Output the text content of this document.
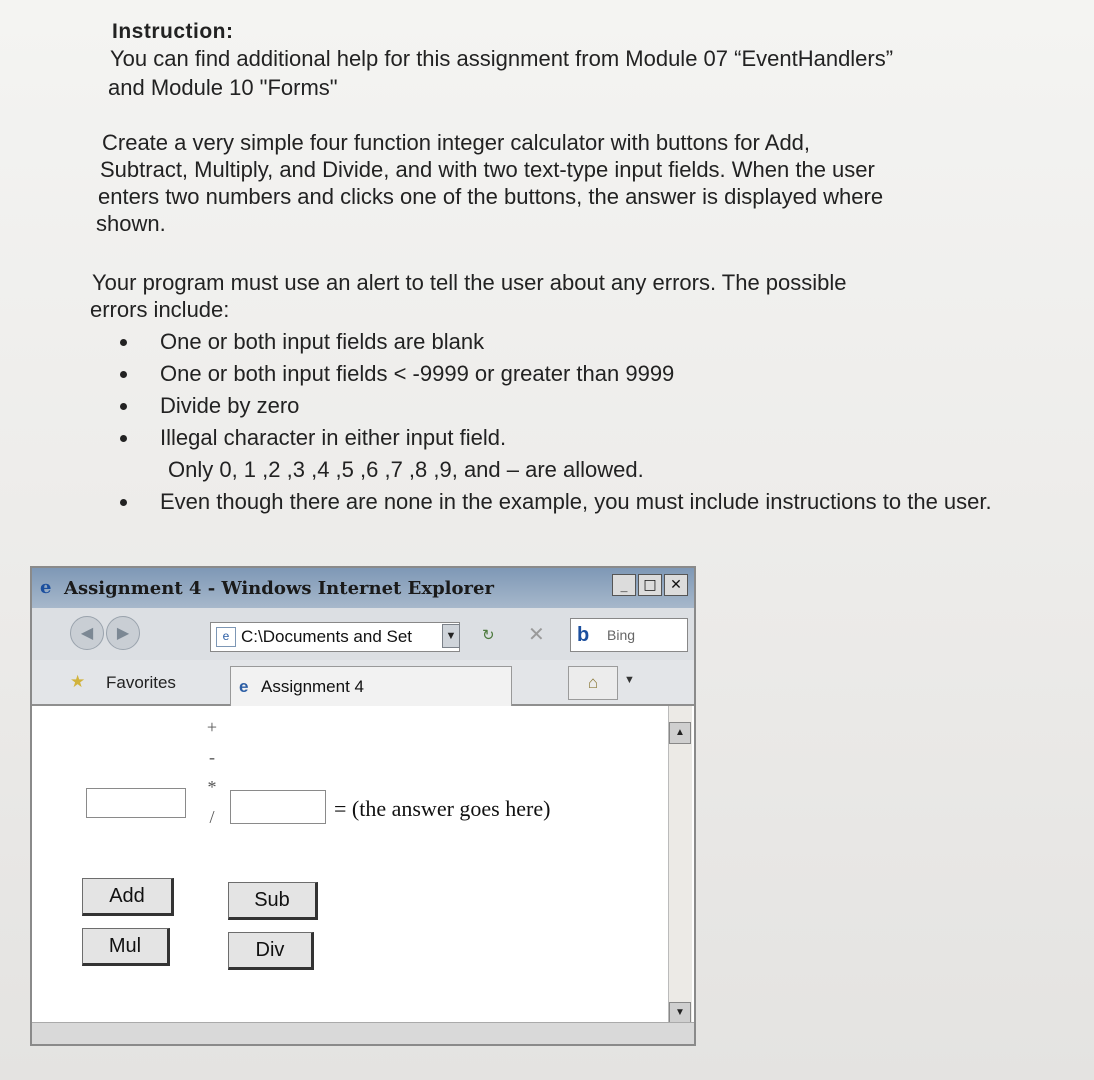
Instruction:
You can find additional help for this assignment from Module 07 “EventHandlers”
and Module 10 "Forms"
Create a very simple four function integer calculator with buttons for Add,
Subtract, Multiply, and Divide, and with two text-type input fields. When the user
enters two numbers and clicks one of the buttons, the answer is displayed where
shown.
Your program must use an alert to tell the user about any errors. The possible
errors include:
One or both input fields are blank
One or both input fields < -9999 or greater than 9999
Divide by zero
Illegal character in either input field.
Only 0, 1 ,2 ,3 ,4 ,5 ,6 ,7 ,8 ,9, and – are allowed.
Even though there are none in the example, you must include instructions to the user.
e Assignment 4 - Windows Internet Explorer	_	□ ✕
◀	▶	e C:\Documents and Set	▼ ↻ ✕ b Bing
★ Favorites	e Assignment 4	⌂	▼
+
-
*
/	= (the answer goes here)
Add	Sub
Mul	Div
▲
▼
